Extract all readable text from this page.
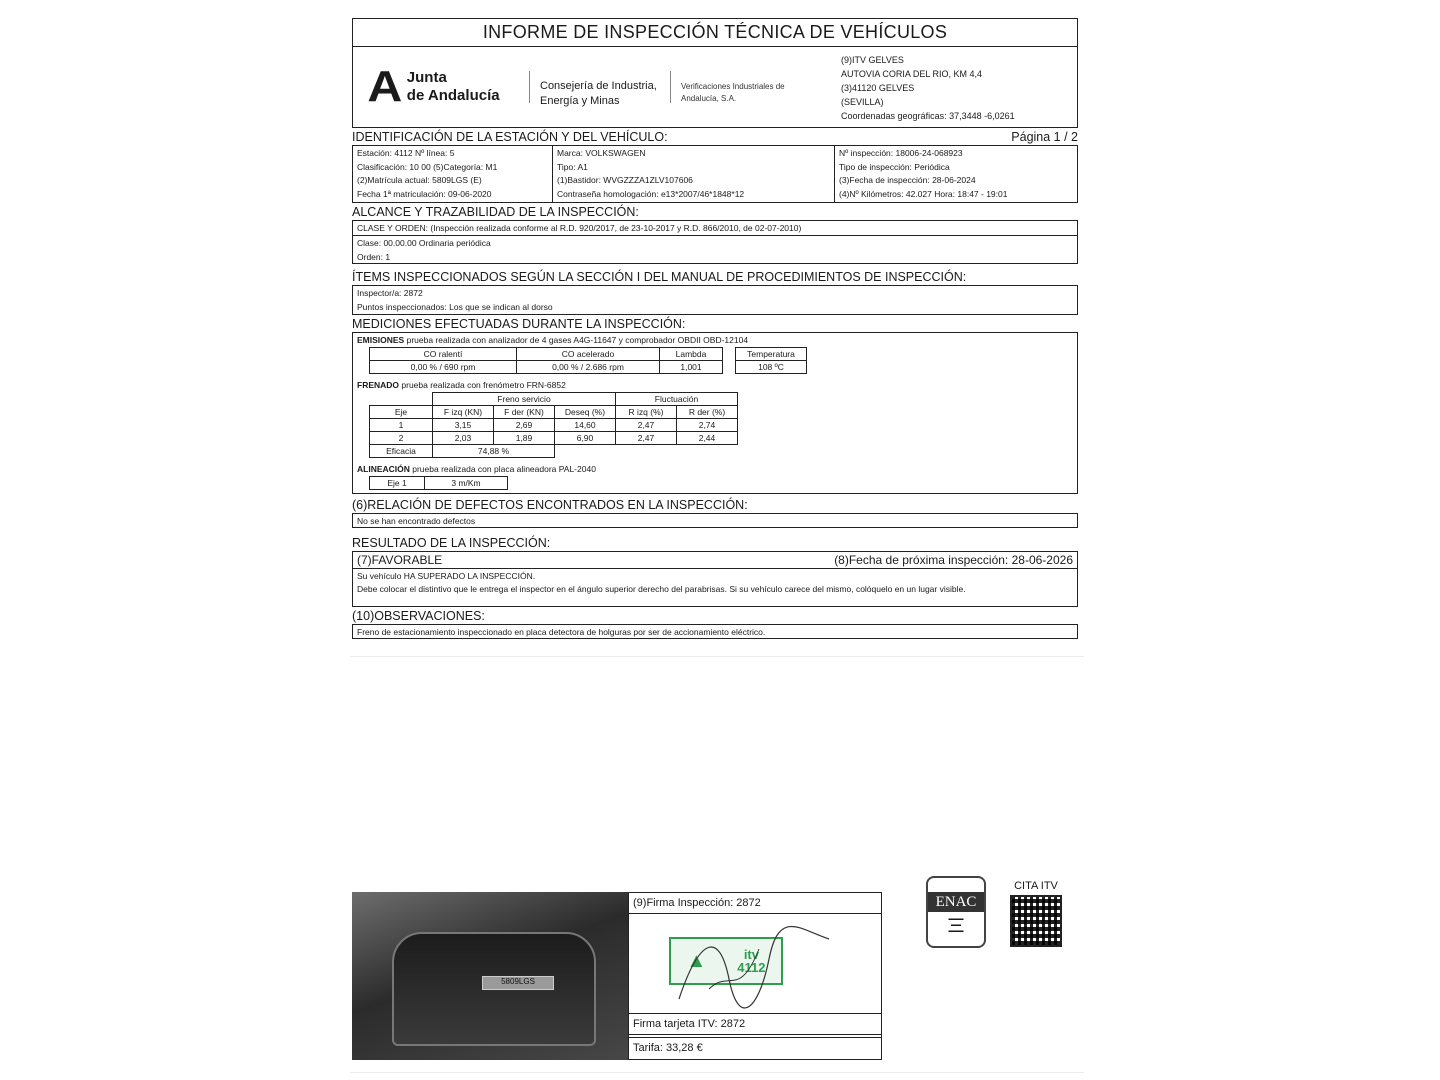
INFORME DE INSPECCIÓN TÉCNICA DE VEHÍCULOS
A Junta
de Andalucía
Consejería de Industria,
Energía y Minas
Verificaciones Industriales de
Andalucía, S.A.
(9)ITV GELVES
AUTOVIA CORIA DEL RIO, KM 4,4
(3)41120 GELVES
(SEVILLA)
Coordenadas geográficas: 37,3448 -6,0261
IDENTIFICACIÓN DE LA ESTACIÓN Y DEL VEHÍCULO:	Página 1 / 2
Estación: 4112 Nº línea: 5
Clasificación: 10 00 (5)Categoría: M1
(2)Matrícula actual: 5809LGS (E)
Fecha 1ª matriculación: 09-06-2020
Marca: VOLKSWAGEN
Tipo: A1
(1)Bastidor: WVGZZZA1ZLV107606
Contraseña homologación: e13*2007/46*1848*12
Nº inspección: 18006-24-068923
Tipo de inspección: Periódica
(3)Fecha de inspección: 28-06-2024
(4)Nº Kilómetros: 42.027 Hora: 18:47 - 19:01
ALCANCE Y TRAZABILIDAD DE LA INSPECCIÓN:
CLASE Y ORDEN: (Inspección realizada conforme al R.D. 920/2017, de 23-10-2017 y R.D. 866/2010, de 02-07-2010)
Clase: 00.00.00 Ordinaria periódica
Orden: 1
ÍTEMS INSPECCIONADOS SEGÚN LA SECCIÓN I DEL MANUAL DE PROCEDIMIENTOS DE INSPECCIÓN:
Inspector/a: 2872
Puntos inspeccionados: Los que se indican al dorso
MEDICIONES EFECTUADAS DURANTE LA INSPECCIÓN:
EMISIONES prueba realizada con analizador de 4 gases A4G-11647 y comprobador OBDII OBD-12104
CO ralentí	CO acelerado	Lambda		Temperatura
0,00 % / 690 rpm	0,00 % / 2.686 rpm	1,001		108 ºC
FRENADO prueba realizada con frenómetro FRN-6852
	Freno servicio			Fluctuación	
Eje	F izq (KN)	F der (KN)	Deseq (%)	R izq (%)	R der (%)
1	3,15	2,69	14,60	2,47	2,74
2	2,03	1,89	6,90	2,47	2,44
Eficacia	74,88 %				
ALINEACIÓN prueba realizada con placa alineadora PAL-2040
Eje 1	3 m/Km
(6)RELACIÓN DE DEFECTOS ENCONTRADOS EN LA INSPECCIÓN:
No se han encontrado defectos
RESULTADO DE LA INSPECCIÓN:
(7)FAVORABLE	(8)Fecha de próxima inspección: 28-06-2026
Su vehículo HA SUPERADO LA INSPECCIÓN.
Debe colocar el distintivo que le entrega el inspector en el ángulo superior derecho del parabrisas. Si su vehículo carece del mismo, colóquelo en un lugar visible.
(10)OBSERVACIONES:
Freno de estacionamiento inspeccionado en placa detectora de holguras por ser de accionamiento eléctrico.
5809LGS
(9)Firma Inspección: 2872
▲	itv
4112
Firma tarjeta ITV: 2872
Tarifa: 33,28 €
ENAC
▬▬▬
▬▬
▬▬▬
CITA ITV
